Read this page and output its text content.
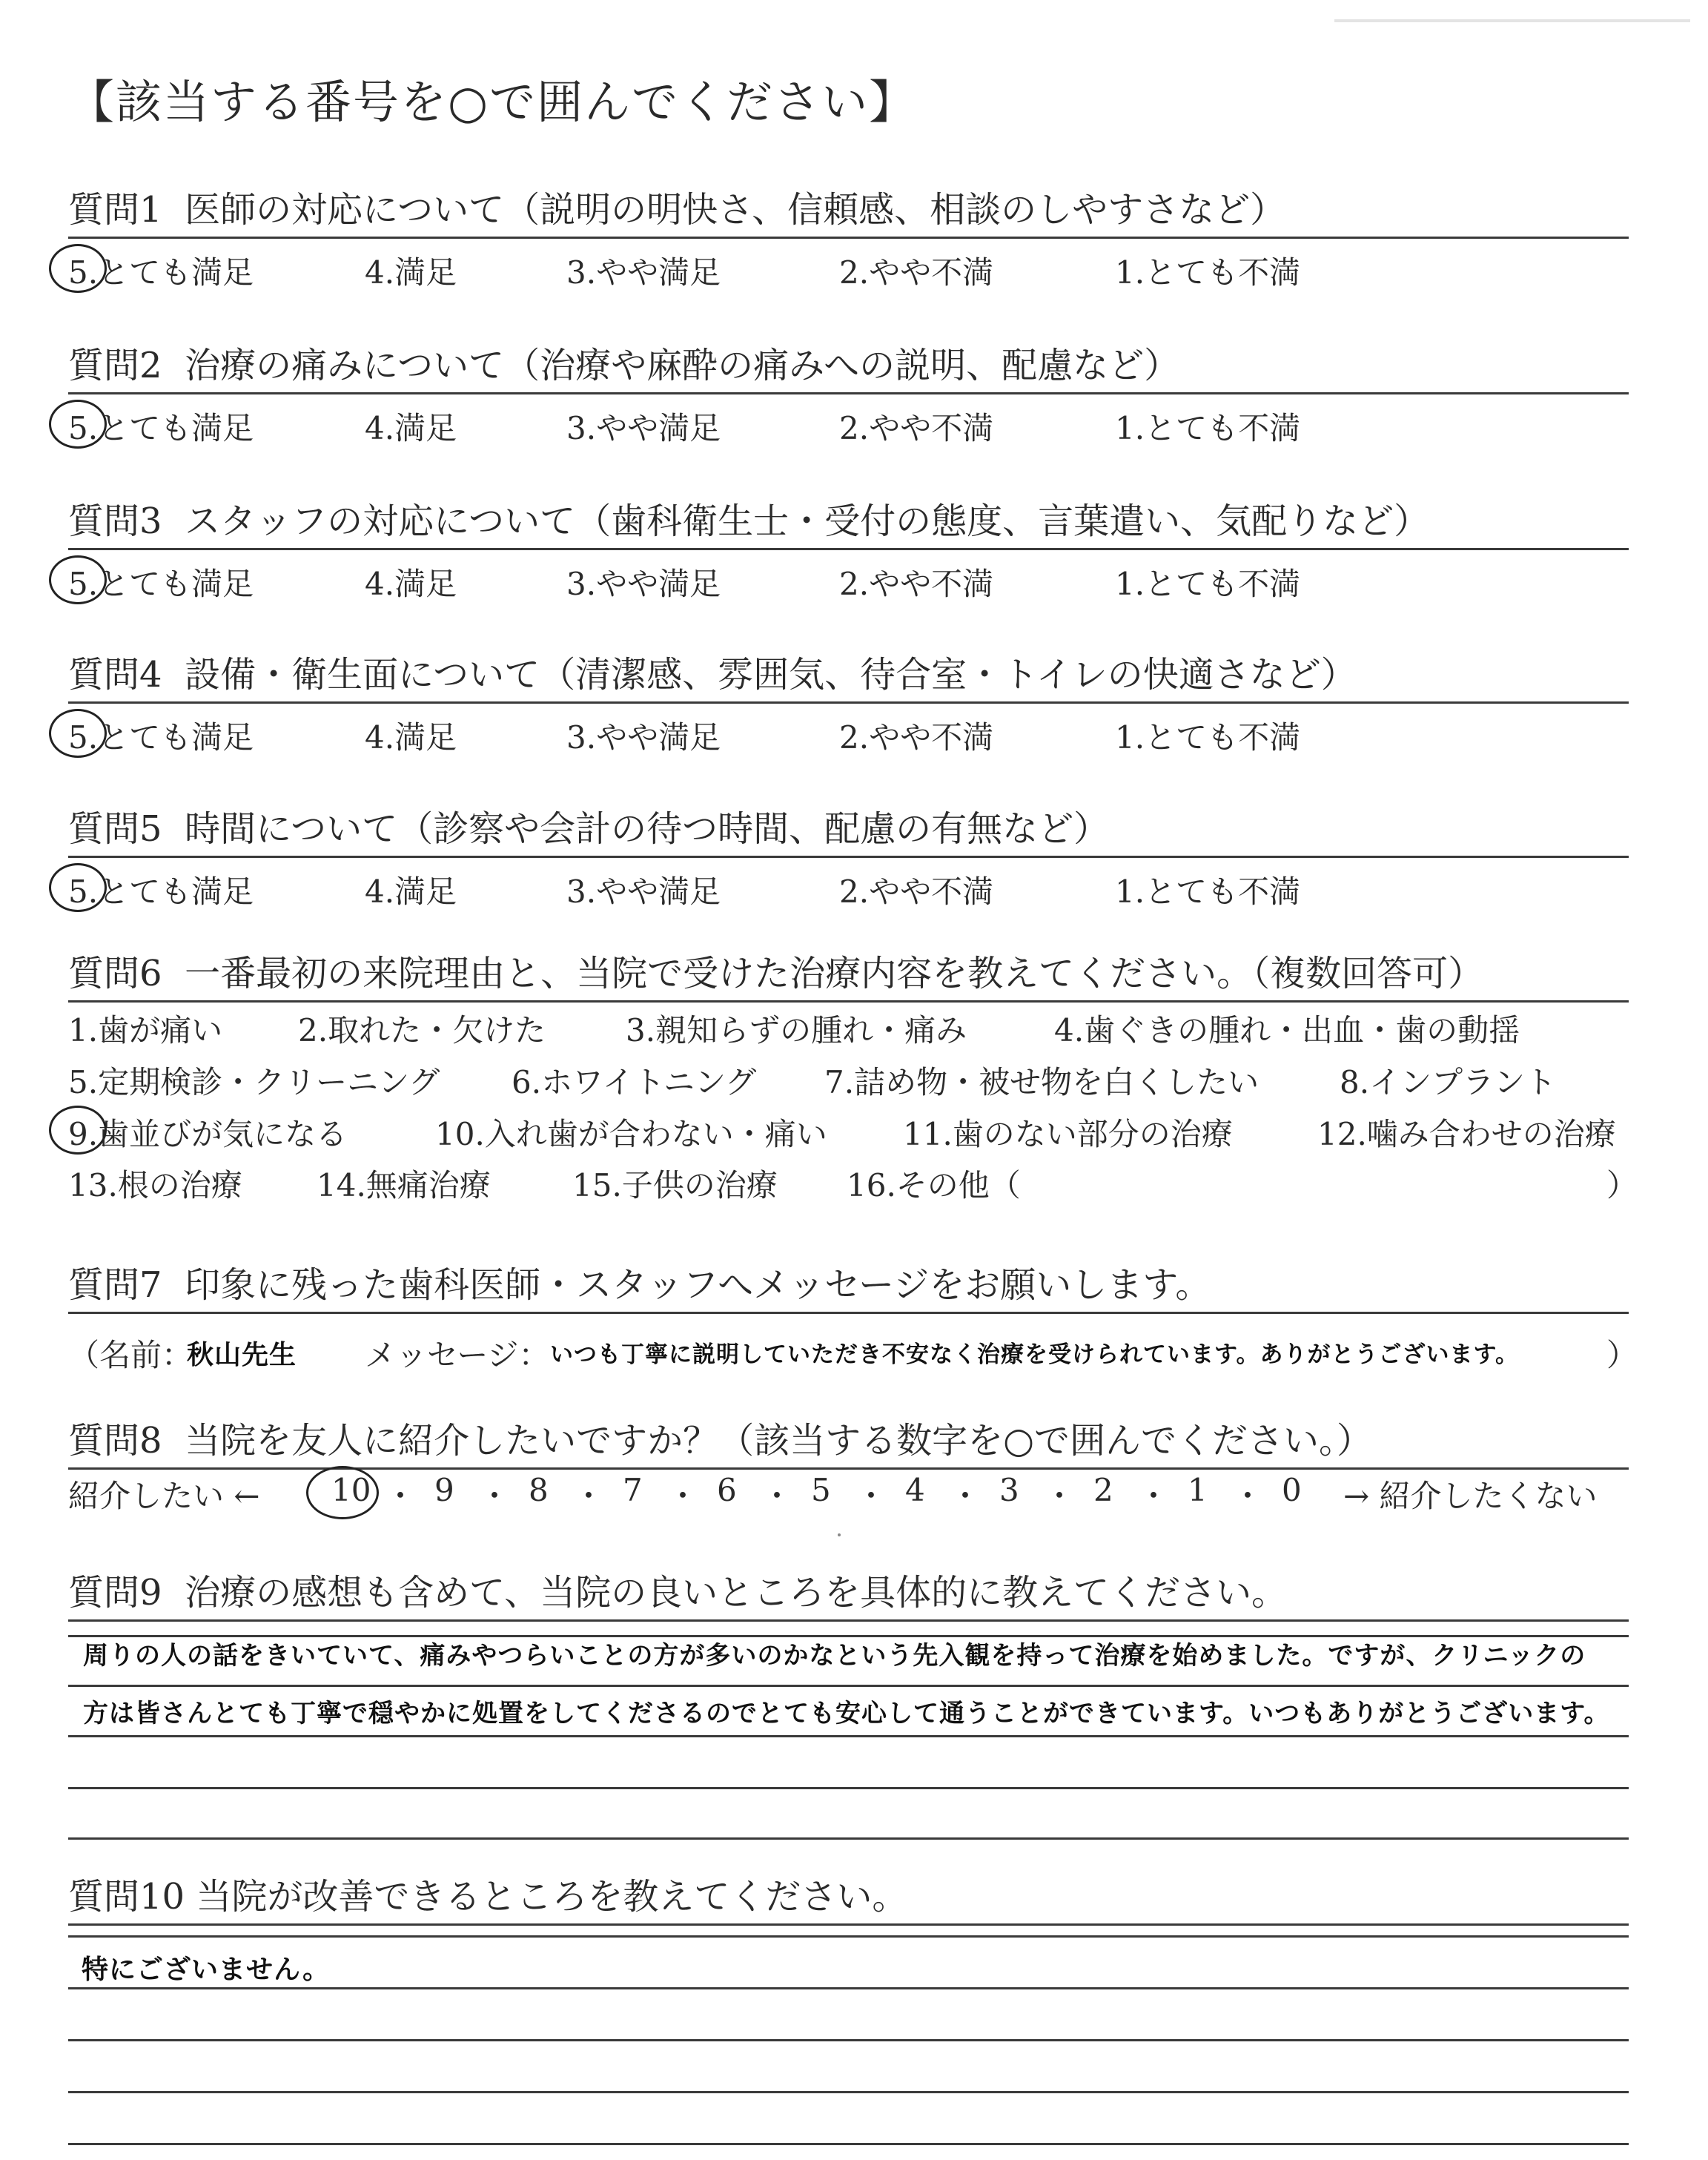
【該当する番号を○で囲んでください】
質問1 医師の対応について（説明の明快さ、信頼感、相談のしやすさなど）
5.とても満足	4.満足	3.やや満足	2.やや不満	1.とても不満
質問2 治療の痛みについて（治療や麻酔の痛みへの説明、配慮など）
5.とても満足	4.満足	3.やや満足	2.やや不満	1.とても不満
質問3 スタッフの対応について（歯科衛生士・受付の態度、言葉遣い、気配りなど）
5.とても満足	4.満足	3.やや満足	2.やや不満	1.とても不満
質問4 設備・衛生面について（清潔感、雰囲気、待合室・トイレの快適さなど）
5.とても満足	4.満足	3.やや満足	2.やや不満	1.とても不満
質問5 時間について（診察や会計の待つ時間、配慮の有無など）
5.とても満足	4.満足	3.やや満足	2.やや不満	1.とても不満
質問6 一番最初の来院理由と、当院で受けた治療内容を教えてください。（複数回答可）
1.歯が痛い 2.取れた・欠けた	3.親知らずの腫れ・痛み	4.歯ぐきの腫れ・出血・歯の動揺
5.定期検診・クリーニング 6.ホワイトニング 7.詰め物・被せ物を白くしたい	8.インプラント
9.歯並びが気になる	10.入れ歯が合わない・痛い 11.歯のない部分の治療	12.噛み合わせの治療
13.根の治療 14.無痛治療	15.子供の治療 16.その他（	）
質問7 印象に残った歯科医師・スタッフへメッセージをお願いします。
（名前：
秋山先生 メッセージ： いつも丁寧に説明していただき不安なく治療を受けられています。ありがとうございます。	）
質問8 当院を友人に紹介したいですか？（該当する数字を○で囲んでください。）
紹介したい ←	→ 紹介したくない
10 ・ 9 ・ 8 ・ 7 ・ 6 ・ 5 ・ 4 ・ 3 ・ 2 ・ 1 ・ 0
質問9 治療の感想も含めて、当院の良いところを具体的に教えてください。
周りの人の話をきいていて、痛みやつらいことの方が多いのかなという先入観を持って治療を始めました。ですが、クリニックの
方は皆さんとても丁寧で穏やかに処置をしてくださるのでとても安心して通うことができています。いつもありがとうございます。
質問10 当院が改善できるところを教えてください。
特にございません。
